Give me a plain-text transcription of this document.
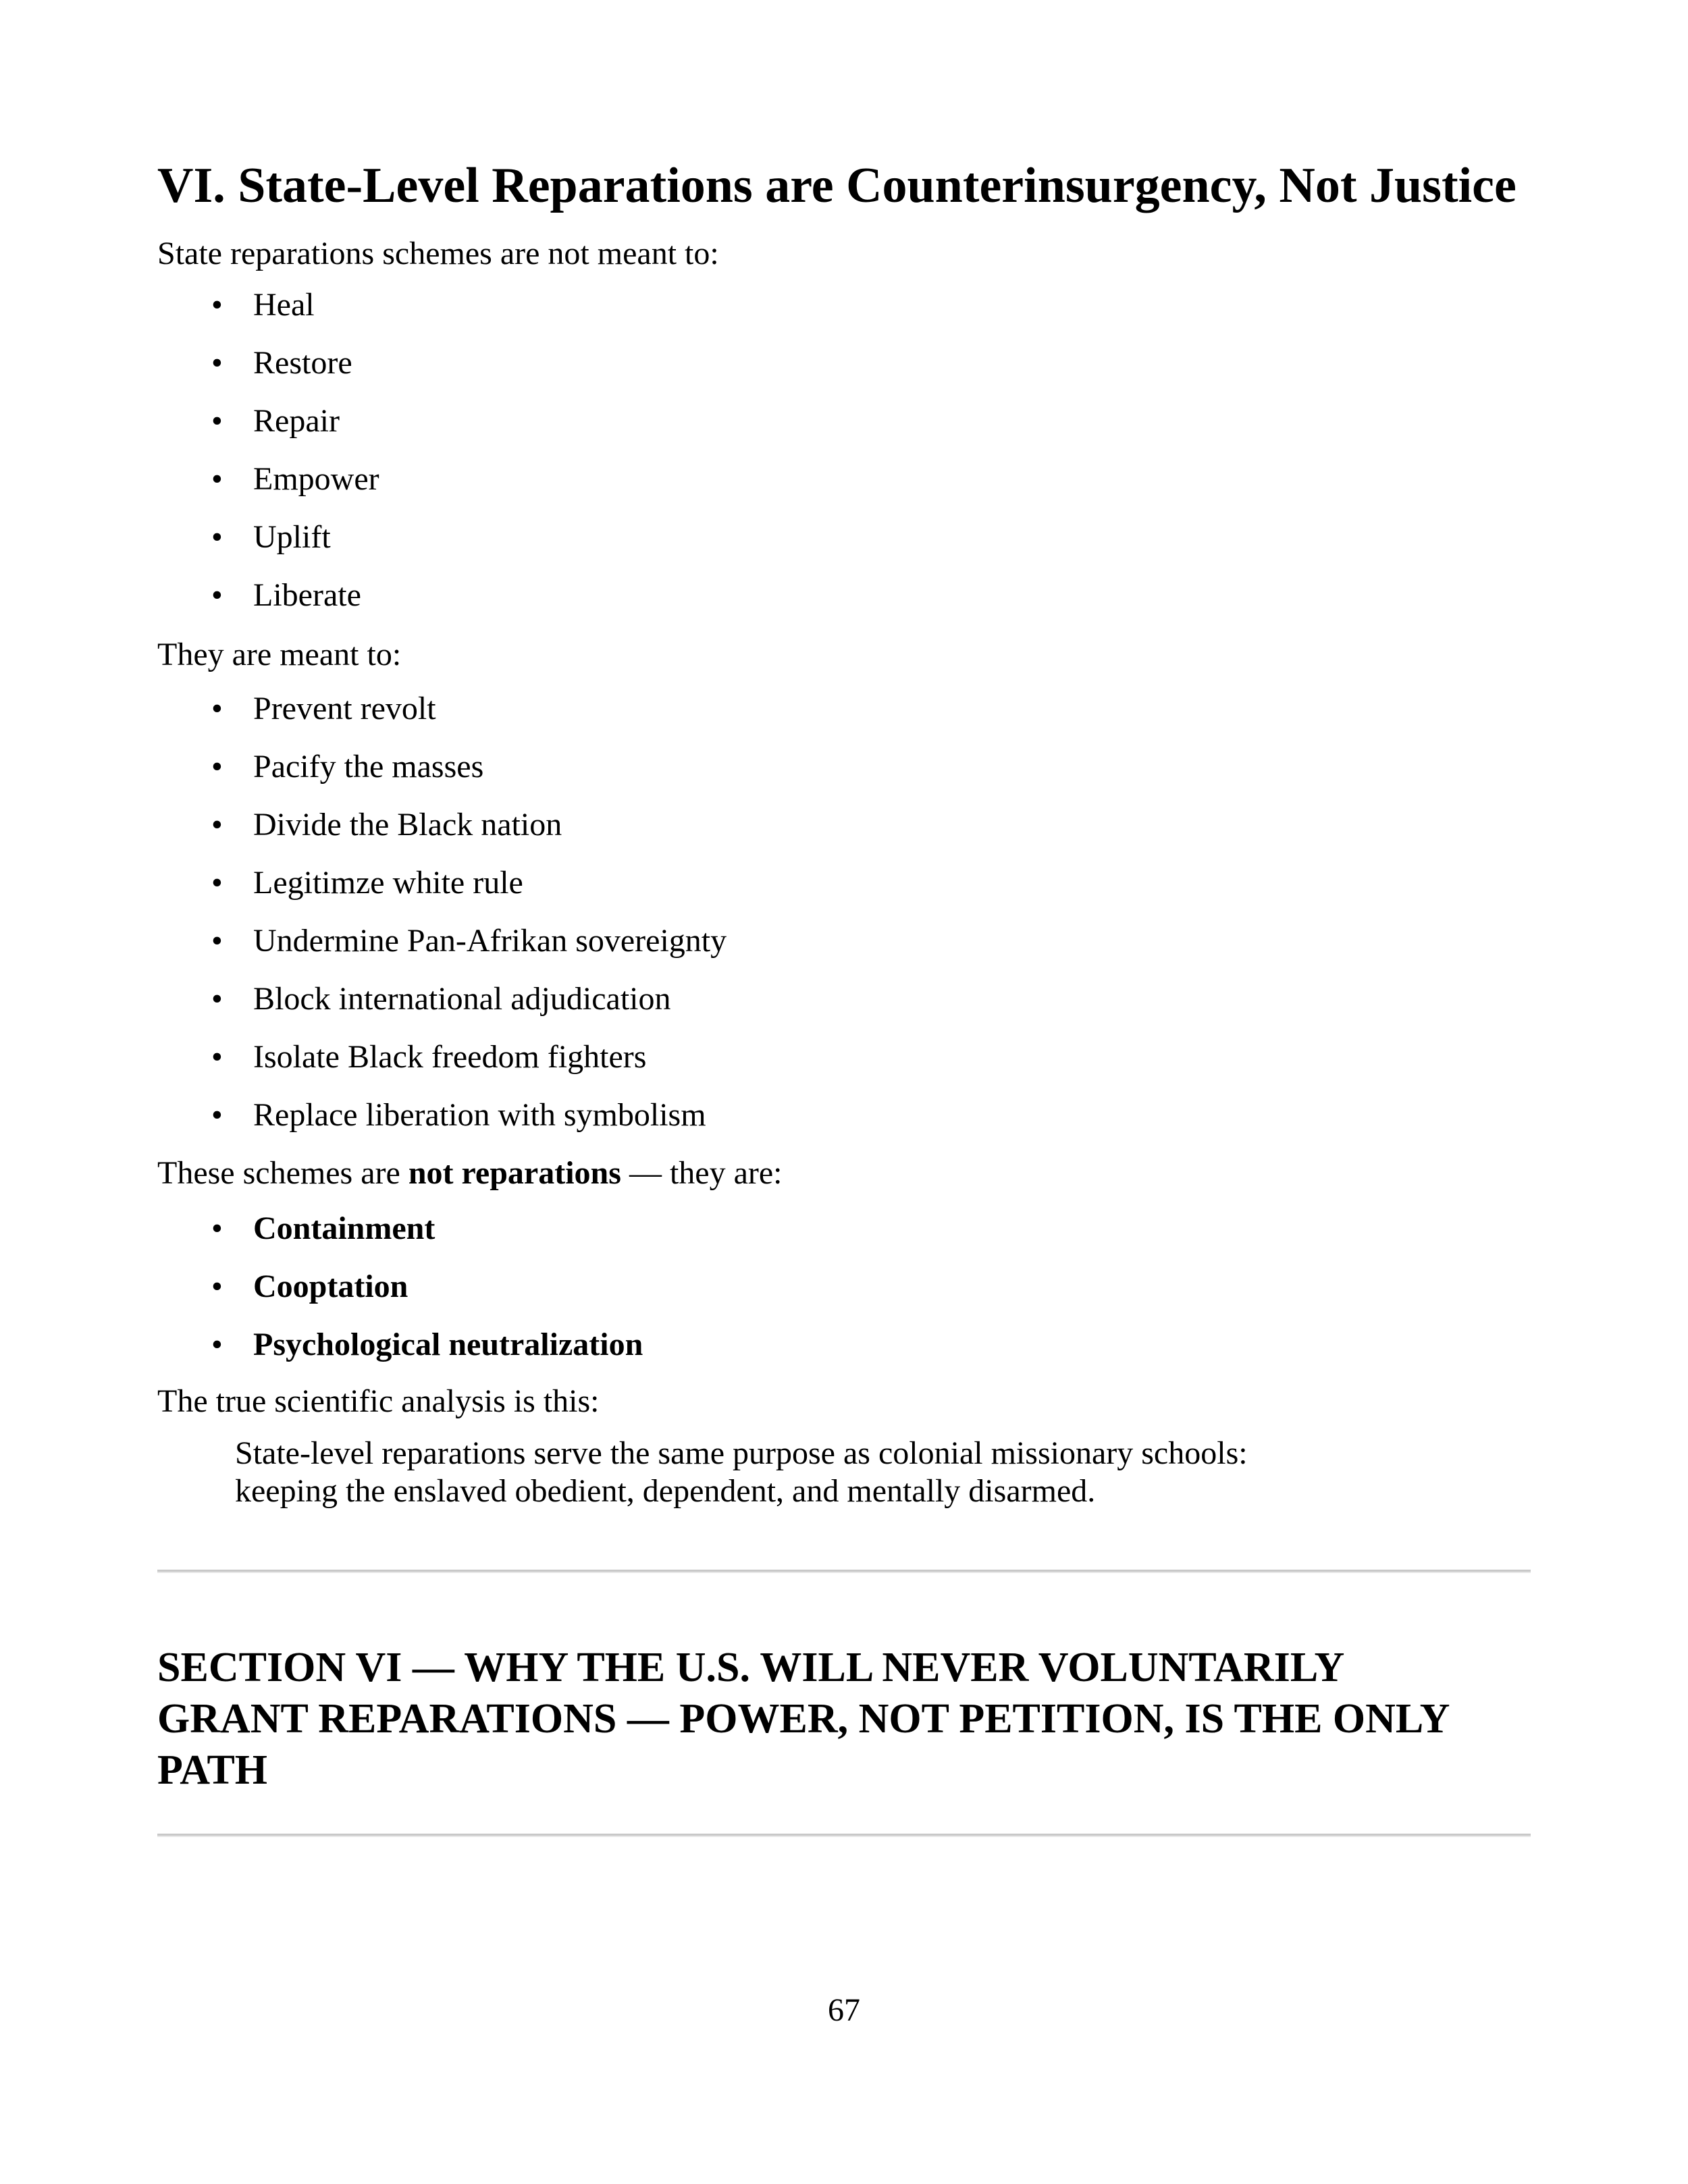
VI. State-Level Reparations are Counterinsurgency, Not Justice

State reparations schemes are not meant to:

• Heal
• Restore
• Repair
• Empower
• Uplift
• Liberate

They are meant to:

• Prevent revolt
• Pacify the masses
• Divide the Black nation
• Legitimze white rule
• Undermine Pan-Afrikan sovereignty
• Block international adjudication
• Isolate Black freedom fighters
• Replace liberation with symbolism

These schemes are not reparations — they are:

• Containment
• Cooptation
• Psychological neutralization

The true scientific analysis is this:

State-level reparations serve the same purpose as colonial missionary schools:
keeping the enslaved obedient, dependent, and mentally disarmed.
SECTION VI — WHY THE U.S. WILL NEVER VOLUNTARILY
GRANT REPARATIONS — POWER, NOT PETITION, IS THE ONLY
PATH
67
